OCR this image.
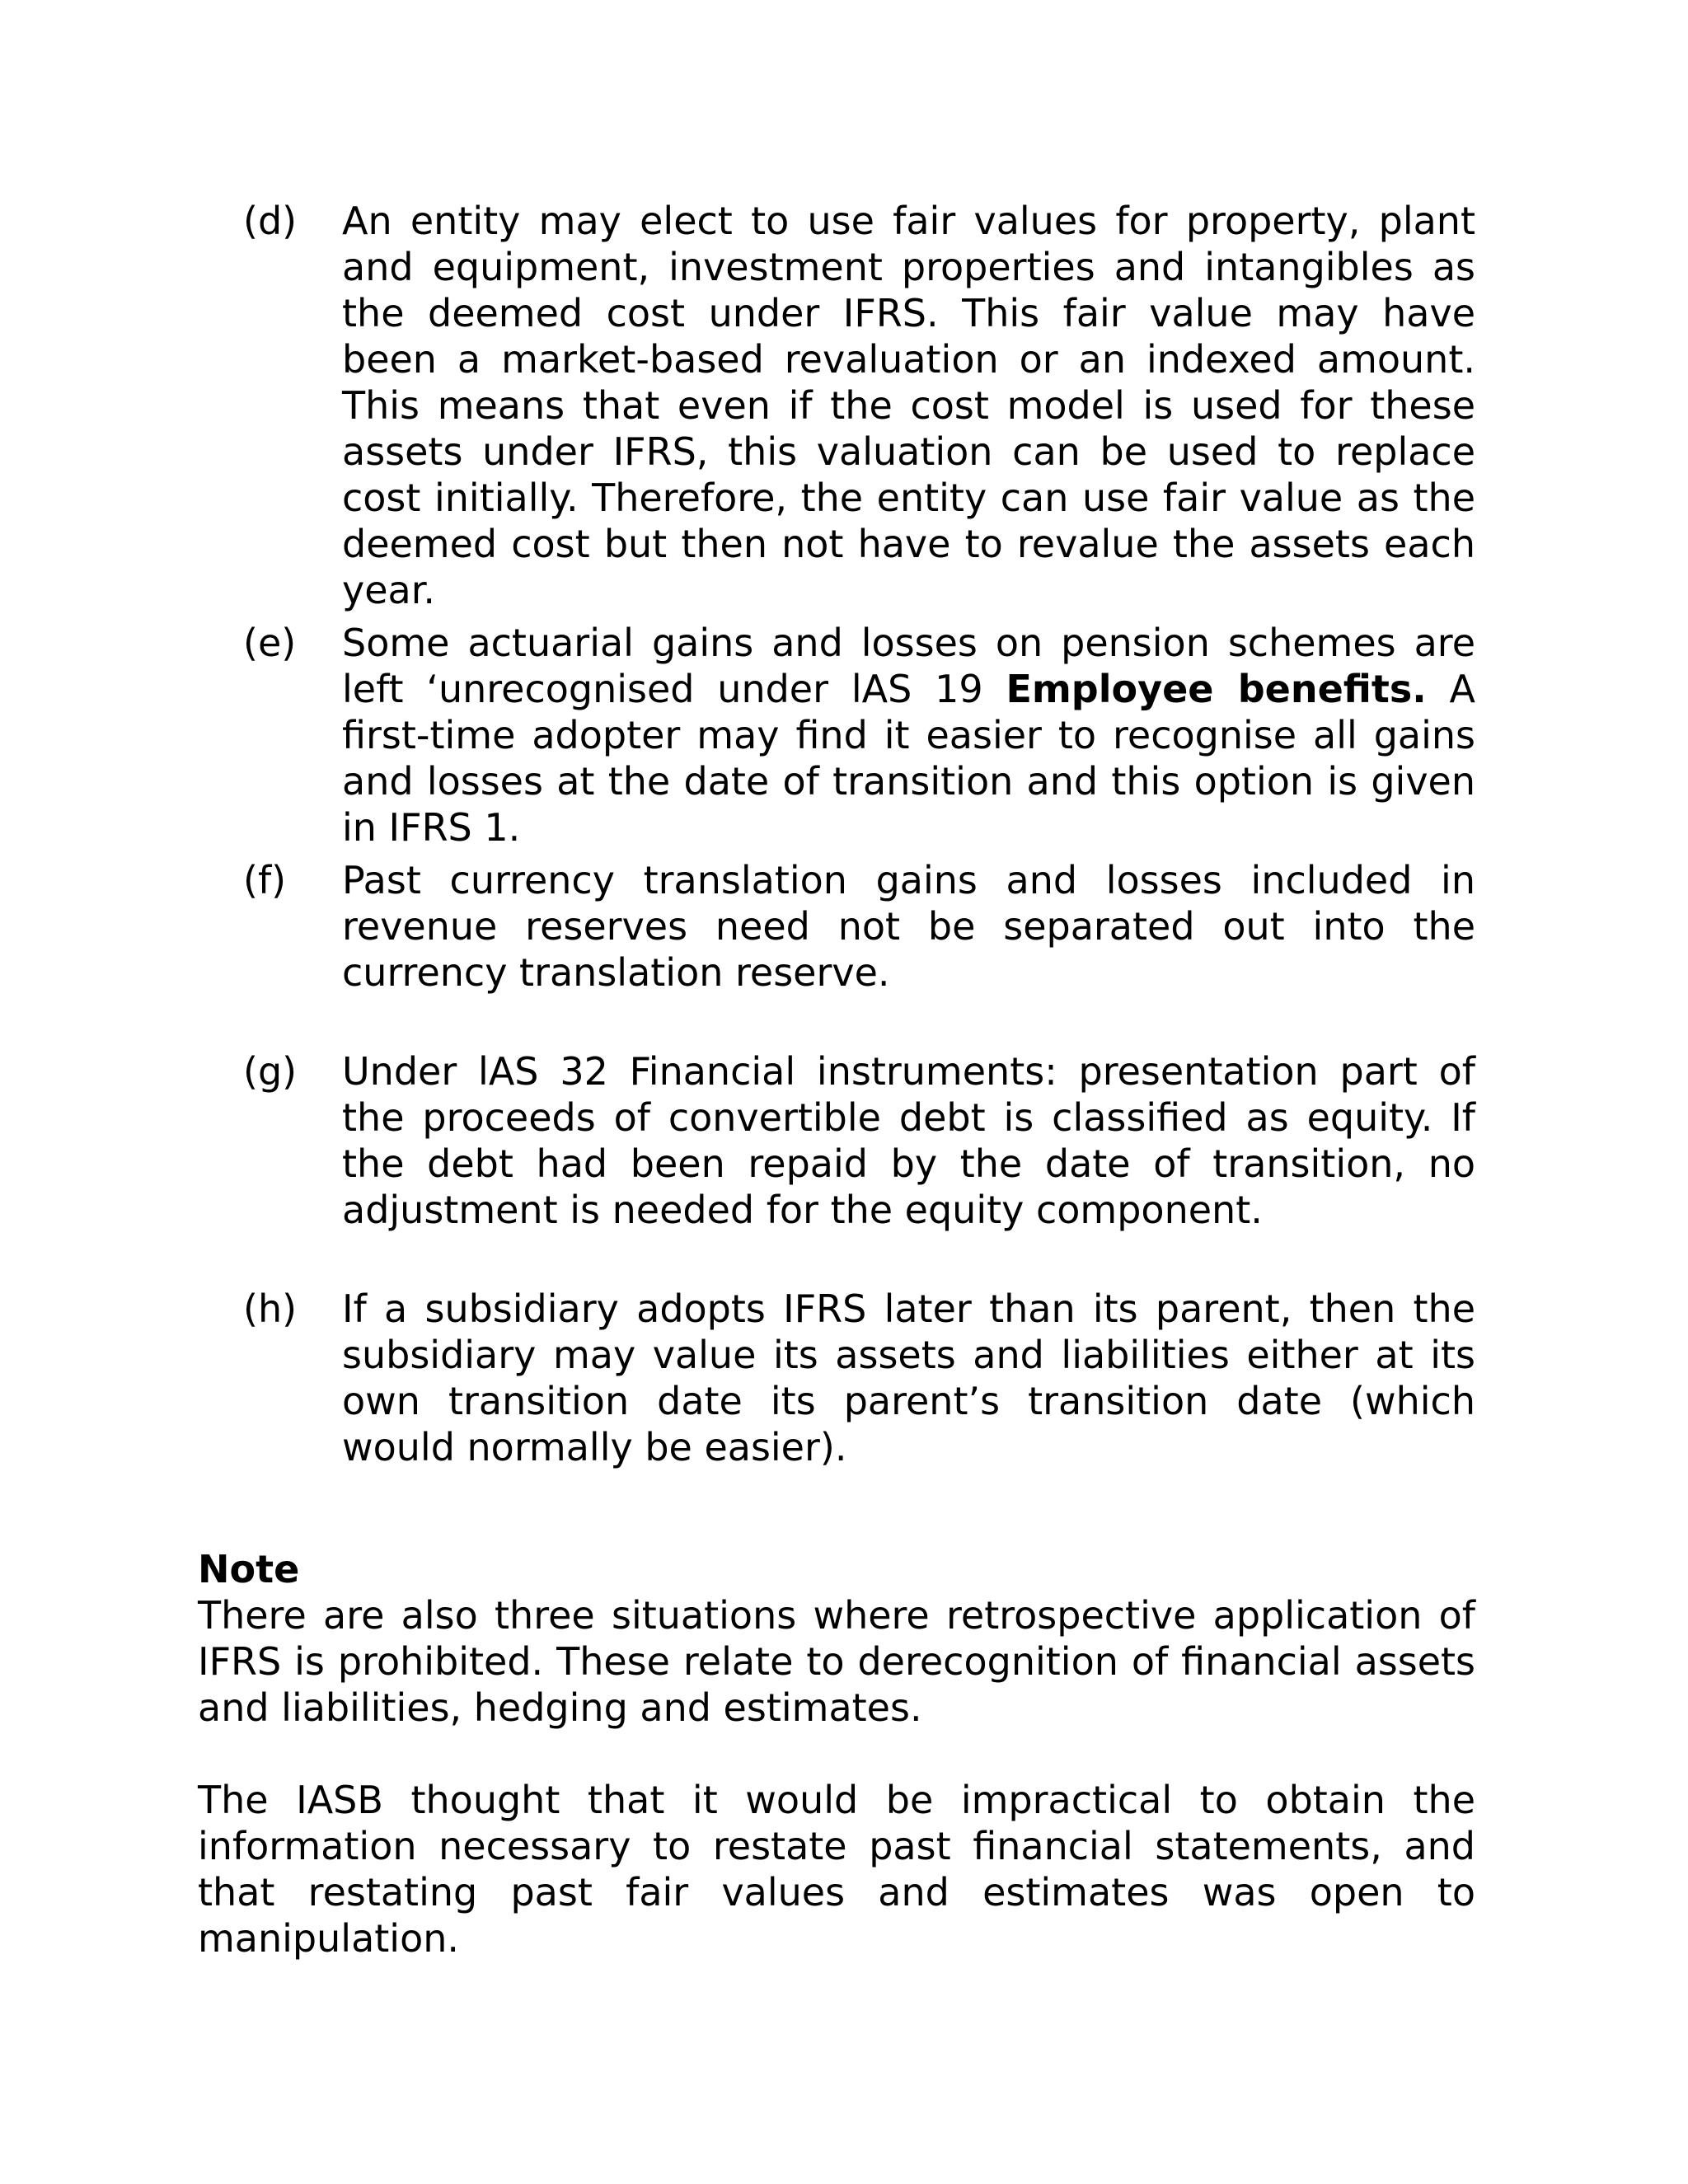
(d) An entity may elect to use fair values for property, plant and equipment, investment properties and intangibles as the deemed cost under IFRS. This fair value may have been a market-based revaluation or an indexed amount. This means that even if the cost model is used for these assets under IFRS, this valuation can be used to replace cost initially. Therefore, the entity can use fair value as the deemed cost but then not have to revalue the assets each year.
(e) Some actuarial gains and losses on pension schemes are left ‘unrecognised under lAS 19 Employee benefits. A first-time adopter may find it easier to recognise all gains and losses at the date of transition and this option is given in IFRS 1.
(f) Past currency translation gains and losses included in revenue reserves need not be separated out into the currency translation reserve.
(g) Under lAS 32 Financial instruments: presentation part of the proceeds of convertible debt is classified as equity. If the debt had been repaid by the date of transition, no adjustment is needed for the equity component.
(h) If a subsidiary adopts IFRS later than its parent, then the subsidiary may value its assets and liabilities either at its own transition date its parent’s transition date (which would normally be easier).

Note

There are also three situations where retrospective application of IFRS is prohibited. These relate to derecognition of financial assets and liabilities, hedging and estimates.

The IASB thought that it would be impractical to obtain the information necessary to restate past financial statements, and that restating past fair values and estimates was open to manipulation.
